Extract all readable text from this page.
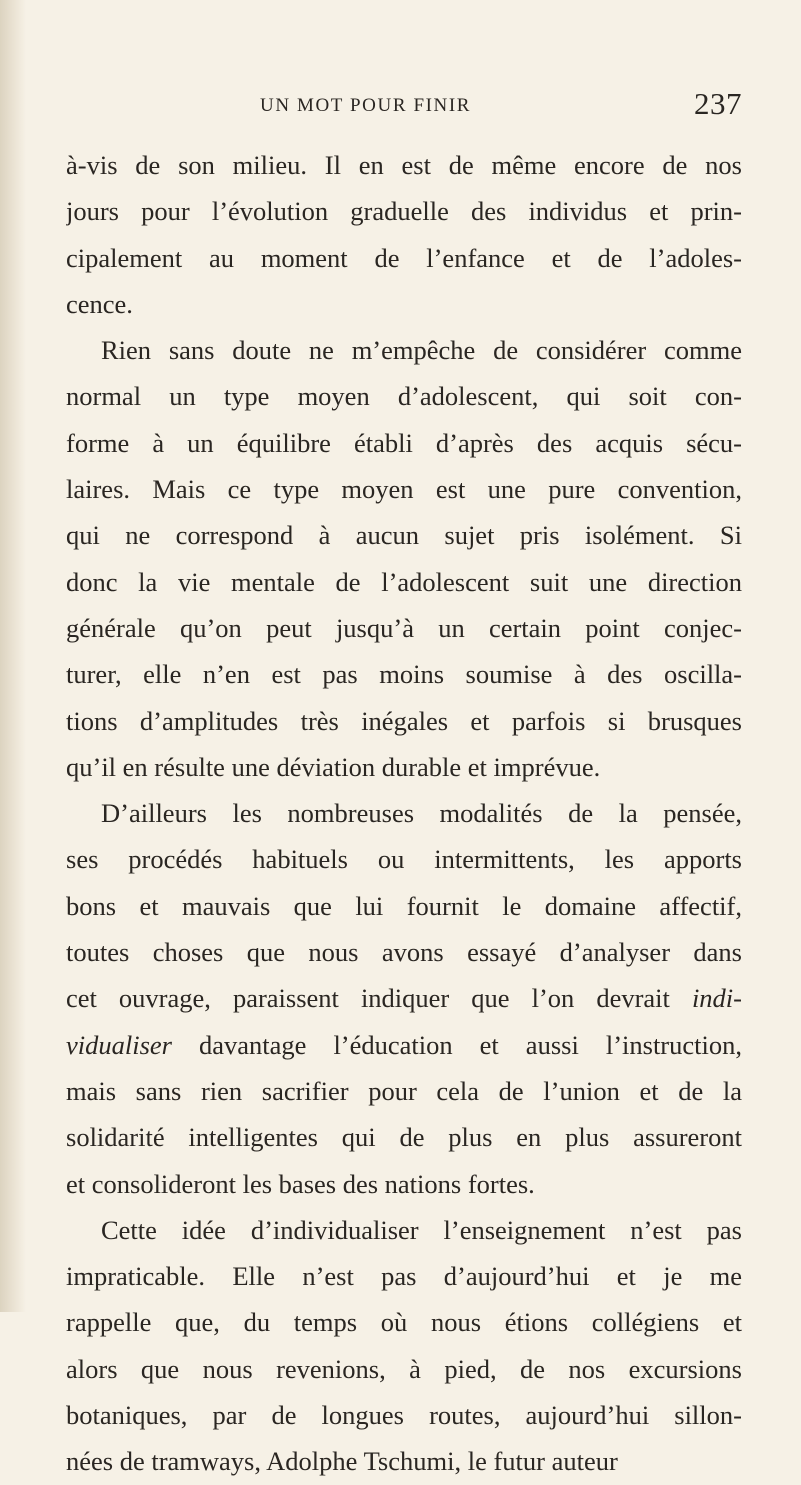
UN MOT POUR FINIR	237
à-vis de son milieu. Il en est de même encore de nos
jours pour l’évolution graduelle des individus et prin-
cipalement au moment de l’enfance et de l’adoles-
cence.
Rien sans doute ne m’empêche de considérer comme
normal un type moyen d’adolescent, qui soit con-
forme à un équilibre établi d’après des acquis sécu-
laires. Mais ce type moyen est une pure convention,
qui ne correspond à aucun sujet pris isolément. Si
donc la vie mentale de l’adolescent suit une direction
générale qu’on peut jusqu’à un certain point conjec-
turer, elle n’en est pas moins soumise à des oscilla-
tions d’amplitudes très inégales et parfois si brusques
qu’il en résulte une déviation durable et imprévue.
D’ailleurs les nombreuses modalités de la pensée,
ses procédés habituels ou intermittents, les apports
bons et mauvais que lui fournit le domaine affectif,
toutes choses que nous avons essayé d’analyser dans
cet ouvrage, paraissent indiquer que l’on devrait indi-
vidualiser davantage l’éducation et aussi l’instruction,
mais sans rien sacrifier pour cela de l’union et de la
solidarité intelligentes qui de plus en plus assureront
et consolideront les bases des nations fortes.
Cette idée d’individualiser l’enseignement n’est pas
impraticable. Elle n’est pas d’aujourd’hui et je me
rappelle que, du temps où nous étions collégiens et
alors que nous revenions, à pied, de nos excursions
botaniques, par de longues routes, aujourd’hui sillon-
nées de tramways, Adolphe Tschumi, le futur auteur
